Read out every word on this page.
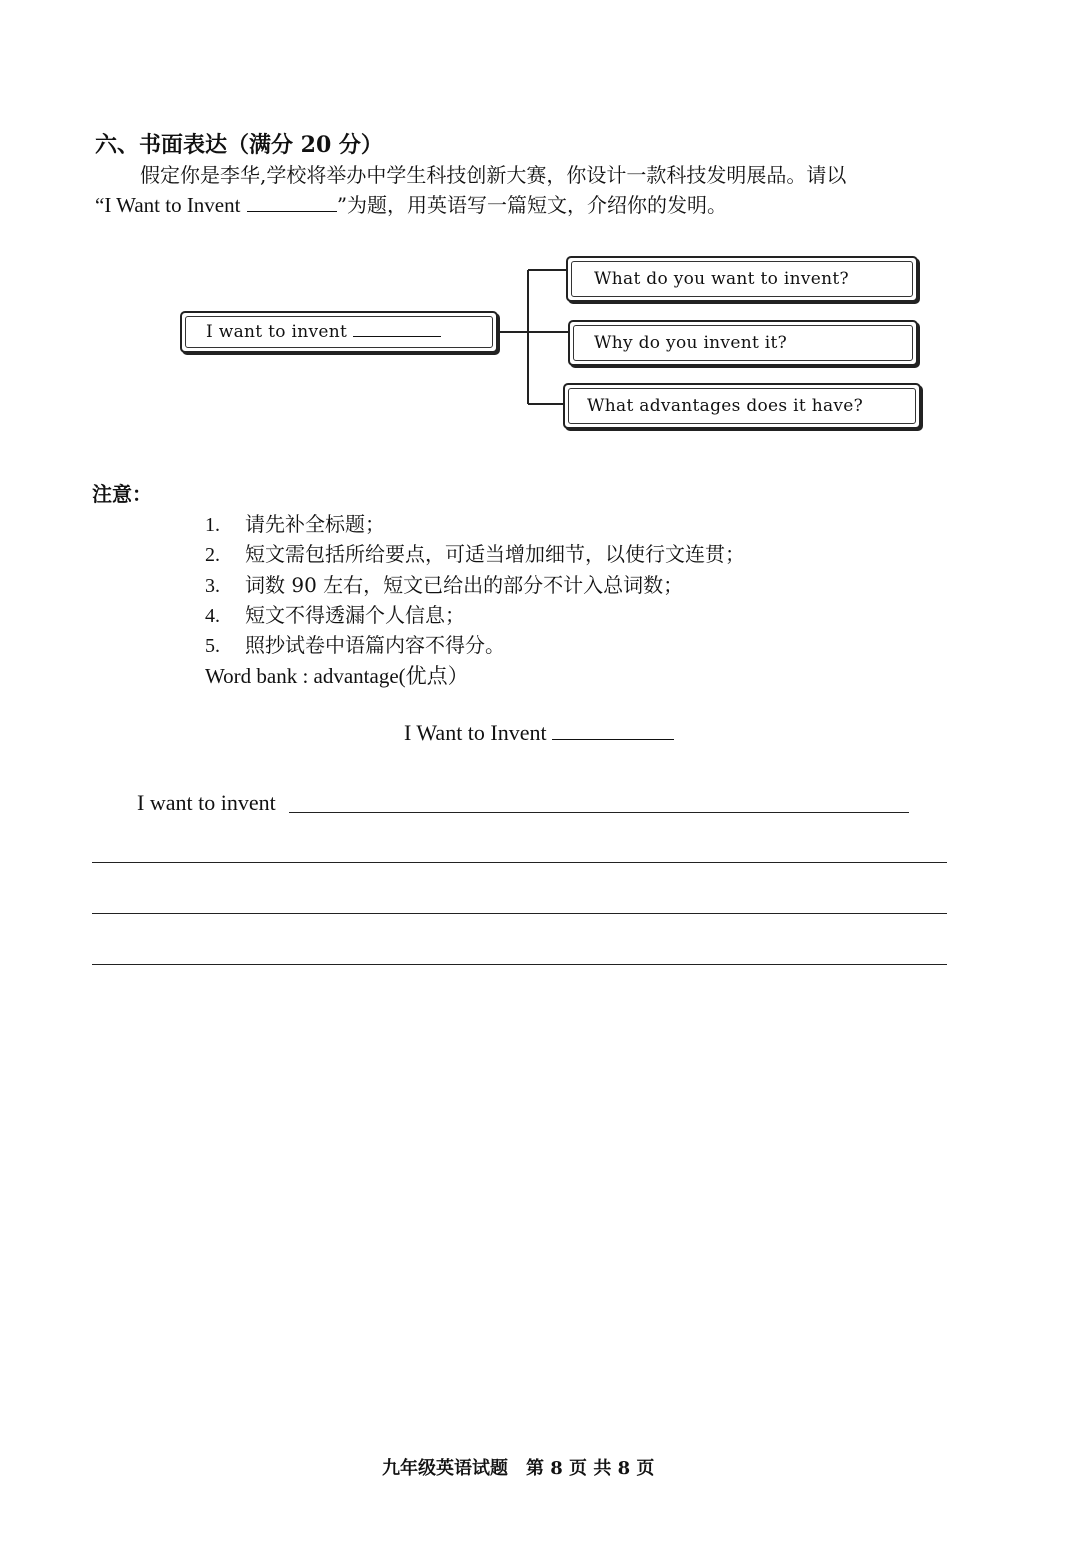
六、书面表达（满分 20 分）
假定你是李华,学校将举办中学生科技创新大赛，你设计一款科技发明展品。请以
“I Want to Invent	”为题，用英语写一篇短文，介绍你的发明。
I want to invent
What do you want to invent?
Why do you invent it?
What advantages does it have?
注意：
1. 请先补全标题；
2. 短文需包括所给要点，可适当增加细节，以使行文连贯；
3. 词数 90 左右，短文已给出的部分不计入总词数；
4. 短文不得透漏个人信息；
5. 照抄试卷中语篇内容不得分。
Word bank : advantage(优点）
I Want to Invent
I want to invent
九年级英语试题　第 8 页 共 8 页
